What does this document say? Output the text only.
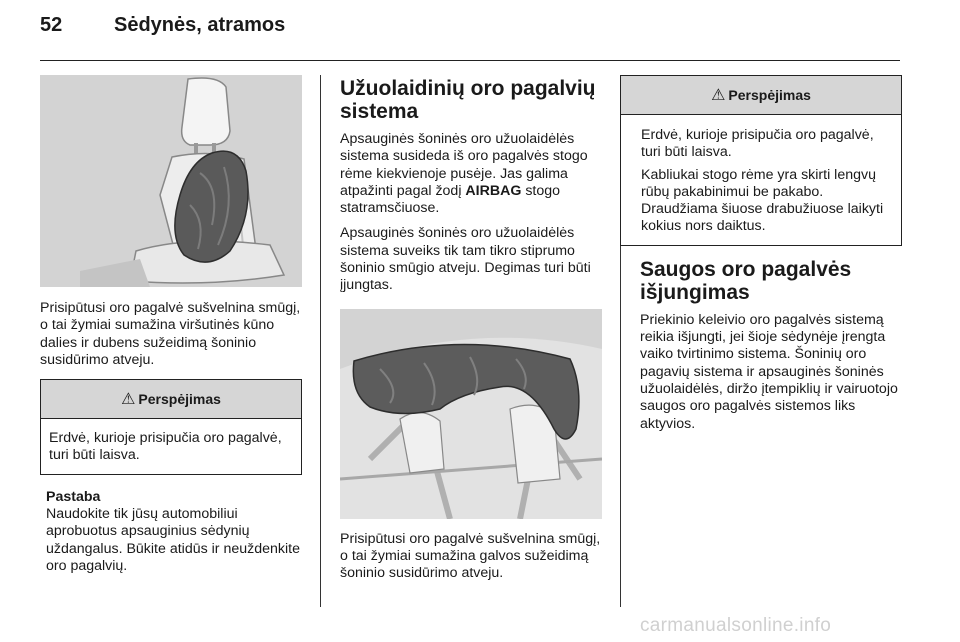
52	Sėdynės, atramos

Prisipūtusi oro pagalvė sušvelnina smūgį, o tai žymiai sumažina viršutinės kūno dalies ir dubens sužeidimą šoninio susidūrimo atveju.

⚠ Perspėjimas

Erdvė, kurioje prisipučia oro pagalvė, turi būti laisva.

Pastaba

Naudokite tik jūsų automobiliui aprobuotus apsauginius sėdynių uždangalus. Būkite atidūs ir neuždenkite oro pagalvių.

Užuolaidinių oro pagalvių sistema

Apsauginės šoninės oro užuolaidėlės sistema susideda iš oro pagalvės stogo rėme kiekvienoje pusėje. Jas galima atpažinti pagal žodį AIRBAG stogo statramsčiuose.

Apsauginės šoninės oro užuolaidėlės sistema suveiks tik tam tikro stiprumo šoninio smūgio atveju. Degimas turi būti įjungtas.

Prisipūtusi oro pagalvė sušvelnina smūgį, o tai žymiai sumažina galvos sužeidimą šoninio susidūrimo atveju.

⚠ Perspėjimas

Erdvė, kurioje prisipučia oro pagalvė, turi būti laisva.

Kabliukai stogo rėme yra skirti lengvų rūbų pakabinimui be pakabo. Draudžiama šiuose drabužiuose laikyti kokius nors daiktus.

Saugos oro pagalvės išjungimas

Priekinio keleivio oro pagalvės sistemą reikia išjungti, jei šioje sėdynėje įrengta vaiko tvirtinimo sistema. Šoninių oro pagavių sistema ir apsauginės šoninės užuolaidėlės, diržo įtempiklių ir vairuotojo saugos oro pagalvės sistemos liks aktyvios.

carmanualsonline.info
